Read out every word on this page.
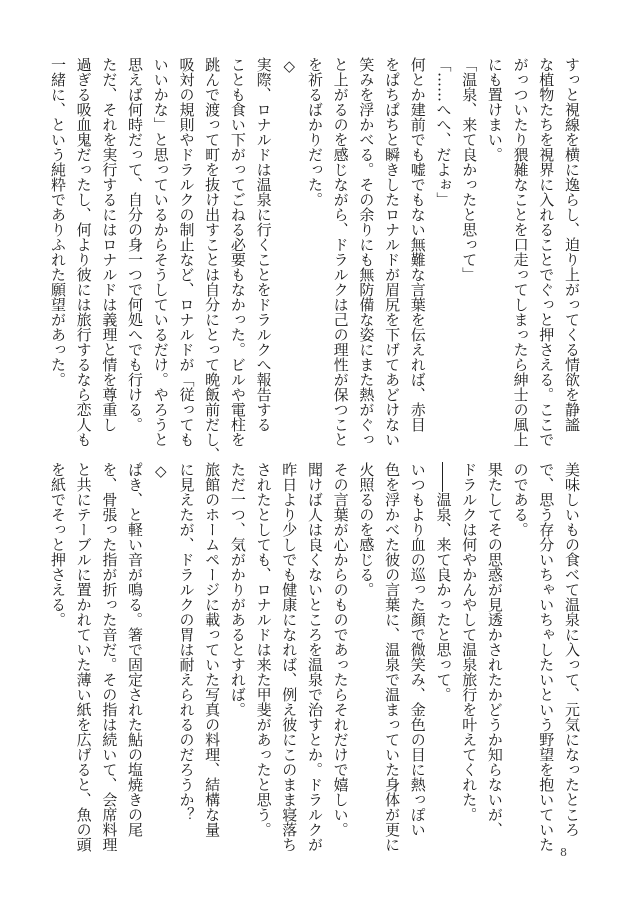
すっと視線を横に逸らし、迫り上がってくる情欲を静謐

な植物たちを視界に入れることでぐっと押さえる。ここで

がっついたり猥雑なことを口走ってしまったら紳士の風上

にも置けまい。

「温泉、来て良かったと思って」

「……へへ、だよぉ」

何とか建前でも嘘でもない無難な言葉を伝えれば、赤目

をぱちぱちと瞬きしたロナルドが眉尻を下げてあどけない

笑みを浮かべる。その余りにも無防備な姿にまた熱がぐっ

と上がるのを感じながら、ドラルクは己の理性が保つこと

を祈るばかりだった。

◇

実際、ロナルドは温泉に行くことをドラルクへ報告する

ことも食い下がってごねる必要もなかった。ビルや電柱を

跳んで渡って町を抜け出すことは自分にとって晩飯前だし、

吸対の規則やドラルクの制止など、ロナルドが「従っても

いいかな」と思っているからそうしているだけ。やろうと

思えば何時だって、自分の身一つで何処へでも行ける。

ただ、それを実行するにはロナルドは義理と情を尊重し

過ぎる吸血鬼だったし、何より彼には旅行するなら恋人も

一緒に、という純粋でありふれた願望があった。

美味しいもの食べて温泉に入って、元気になったところ

で、思う存分いちゃいちゃしたいという野望を抱いていた

のである。

果たしてその思惑が見透かされたかどうか知らないが、

ドラルクは何やかんやして温泉旅行を叶えてくれた。

――温泉、来て良かったと思って。

いつもより血の巡った顔で微笑み、金色の目に熱っぽい

色を浮かべた彼の言葉に、温泉で温まっていた身体が更に

火照るのを感じる。

その言葉が心からのものであったらそれだけで嬉しい。

聞けば人は良くないところを温泉で治すとか。ドラルクが

昨日より少しでも健康になれば、例え彼にこのまま寝落ち

されたとしても、ロナルドは来た甲斐があったと思う。

ただ一つ、気がかりがあるとすれば。

旅館のホームページに載っていた写真の料理、結構な量

に見えたが、ドラルクの胃は耐えられるのだろうか？

◇

ぱき、と軽い音が鳴る。箸で固定された鮎の塩焼きの尾

を、骨張った指が折った音だ。その指は続いて、会席料理

と共にテーブルに置かれていた薄い紙を広げると、魚の頭

を紙でそっと押さえる。

8
